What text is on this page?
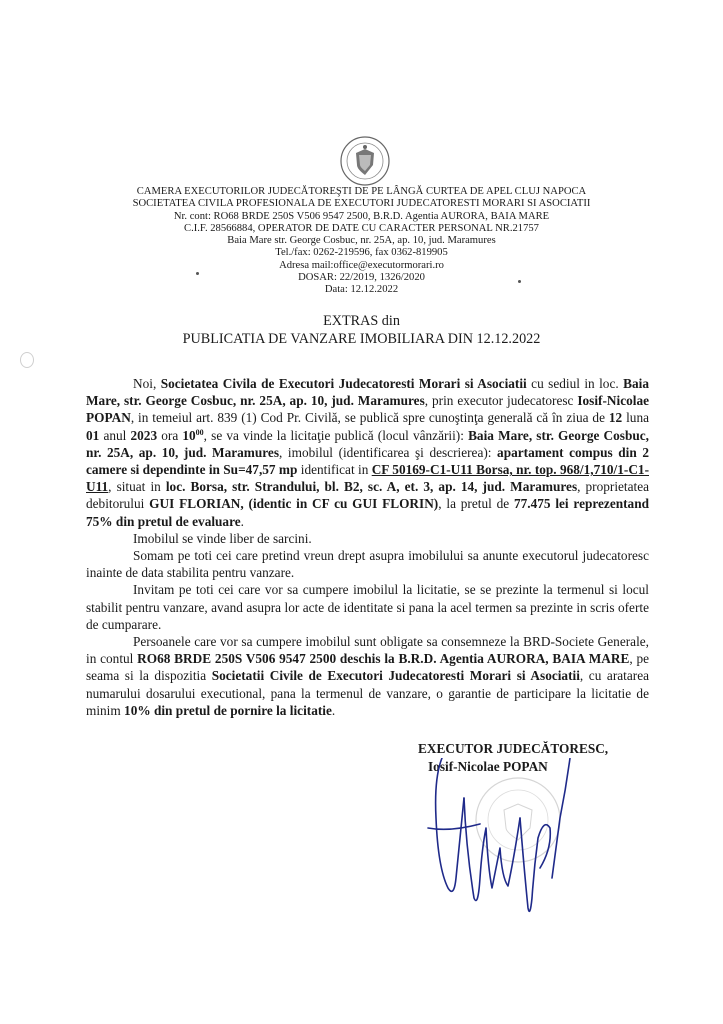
CAMERA EXECUTORILOR JUDECĂTOREŞTI DE PE LÂNGĂ CURTEA DE APEL CLUJ NAPOCA
SOCIETATEA CIVILA PROFESIONALA DE EXECUTORI JUDECATORESTI MORARI SI ASOCIATII
Nr. cont: RO68 BRDE 250S V506 9547 2500, B.R.D. Agentia AURORA, BAIA MARE
C.I.F. 28566884, OPERATOR DE DATE CU CARACTER PERSONAL NR.21757
Baia Mare str. George Cosbuc, nr. 25A, ap. 10, jud. Maramures
Tel./fax: 0262-219596, fax 0362-819905
Adresa mail:office@executormorari.ro
DOSAR: 22/2019, 1326/2020
Data: 12.12.2022
EXTRAS din
PUBLICATIA DE VANZARE IMOBILIARA DIN 12.12.2022

Noi, Societatea Civila de Executori Judecatoresti Morari si Asociatii cu sediul in loc. Baia Mare, str. George Cosbuc, nr. 25A, ap. 10, jud. Maramures, prin executor judecatoresc Iosif-Nicolae POPAN, in temeiul art. 839 (1) Cod Pr. Civilă, se publică spre cunoştinţa generală că în ziua de 12 luna 01 anul 2023 ora $10^{00}$, se va vinde la licitaţie publică (locul vânzării): Baia Mare, str. George Cosbuc, nr. 25A, ap. 10, jud. Maramures, imobilul (identificarea şi descrierea): apartament compus din 2 camere si dependinte in Su=47,57 mp identificat in CF 50169-C1-U11 Borsa, nr. top. 968/1,710/1-C1-U11, situat in loc. Borsa, str. Strandului, bl. B2, sc. A, et. 3, ap. 14, jud. Maramures, proprietatea debitorului GUI FLORIAN, (identic in CF cu GUI FLORIN), la pretul de 77.475 lei reprezentand 75% din pretul de evaluare.

Imobilul se vinde liber de sarcini.

Somam pe toti cei care pretind vreun drept asupra imobilului sa anunte executorul judecatoresc inainte de data stabilita pentru vanzare.

Invitam pe toti cei care vor sa cumpere imobilul la licitatie, se se prezinte la termenul si locul stabilit pentru vanzare, avand asupra lor acte de identitate si pana la acel termen sa prezinte in scris oferte de cumparare.

Persoanele care vor sa cumpere imobilul sunt obligate sa consemneze la BRD-Societe Generale, in contul RO68 BRDE 250S V506 9547 2500 deschis la B.R.D. Agentia AURORA, BAIA MARE, pe seama si la dispozitia Societatii Civile de Executori Judecatoresti Morari si Asociatii, cu aratarea numarului dosarului executional, pana la termenul de vanzare, o garantie de participare la licitatie de minim 10% din pretul de pornire la licitatie.

EXECUTOR JUDECĂTORESC,
Iosif-Nicolae POPAN
